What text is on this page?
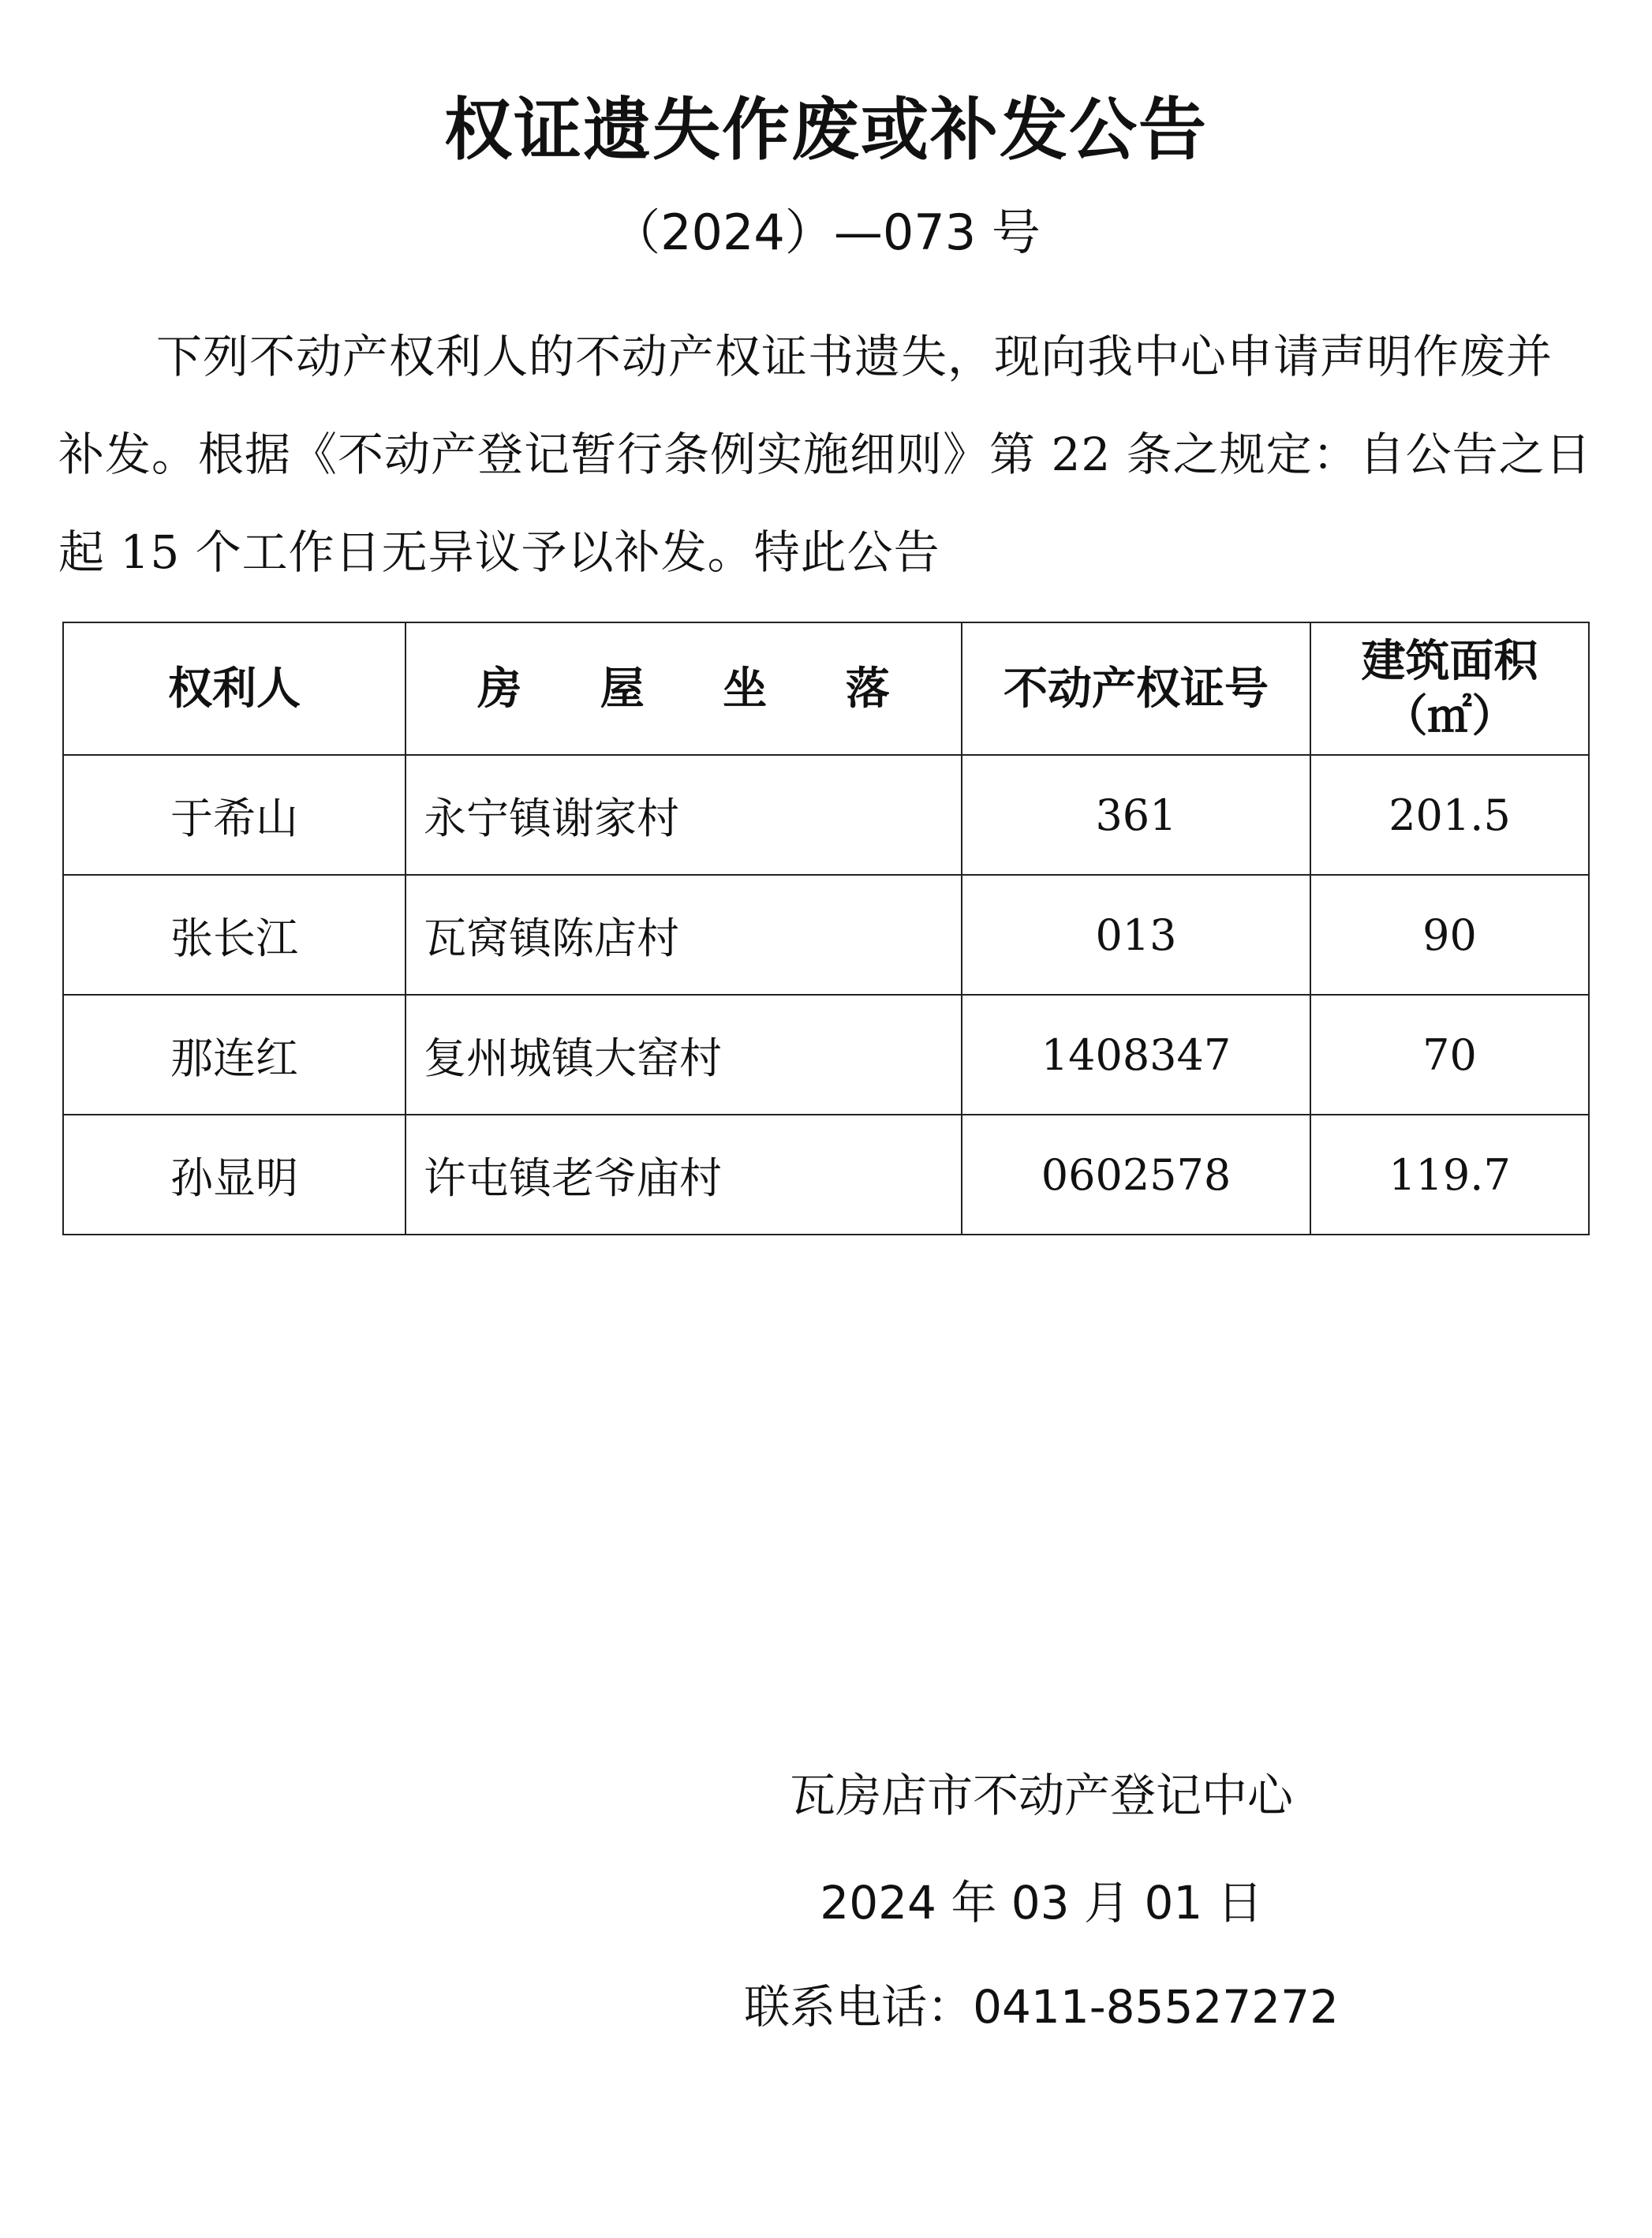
权证遗失作废或补发公告
（2024）—073 号
下列不动产权利人的不动产权证书遗失，现向我中心申请声明作废并补发。根据《不动产登记暂行条例实施细则》第 22 条之规定：自公告之日起 15 个工作日无异议予以补发。特此公告
权利人	房 屋 坐 落	不动产权证号	建筑面积
（㎡）

于希山	永宁镇谢家村	361	201.5
张长江	瓦窝镇陈店村	013	90
那连红	复州城镇大窑村	1408347	70
孙显明	许屯镇老爷庙村	0602578	119.7
瓦房店市不动产登记中心
2024 年 03 月 01 日
联系电话：0411-85527272
